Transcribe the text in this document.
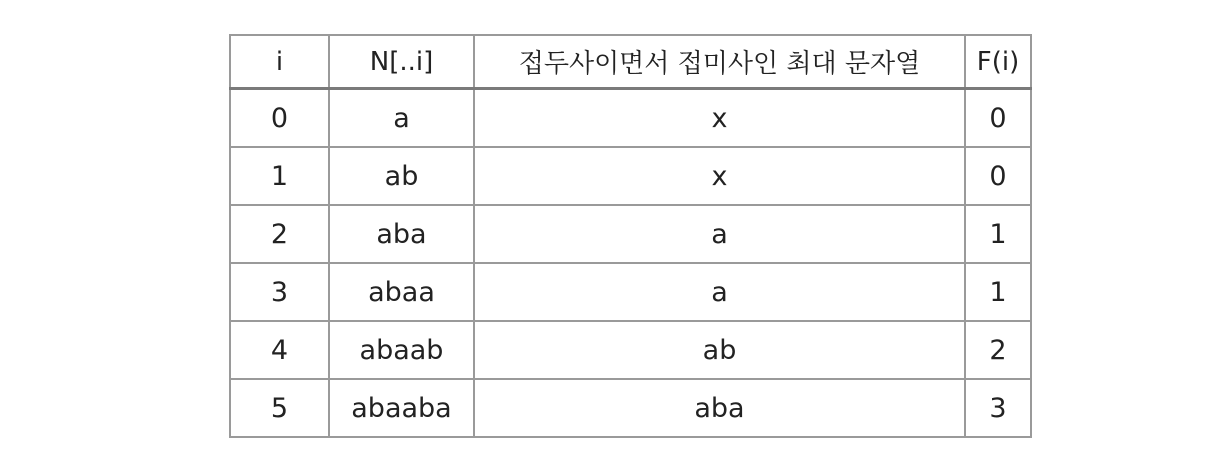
i	N[..i]	접두사이면서 접미사인 최대 문자열	F(i)
0	a	x	0
1	ab	x	0
2	aba	a	1
3	abaa	a	1
4	abaab	ab	2
5	abaaba	aba	3
